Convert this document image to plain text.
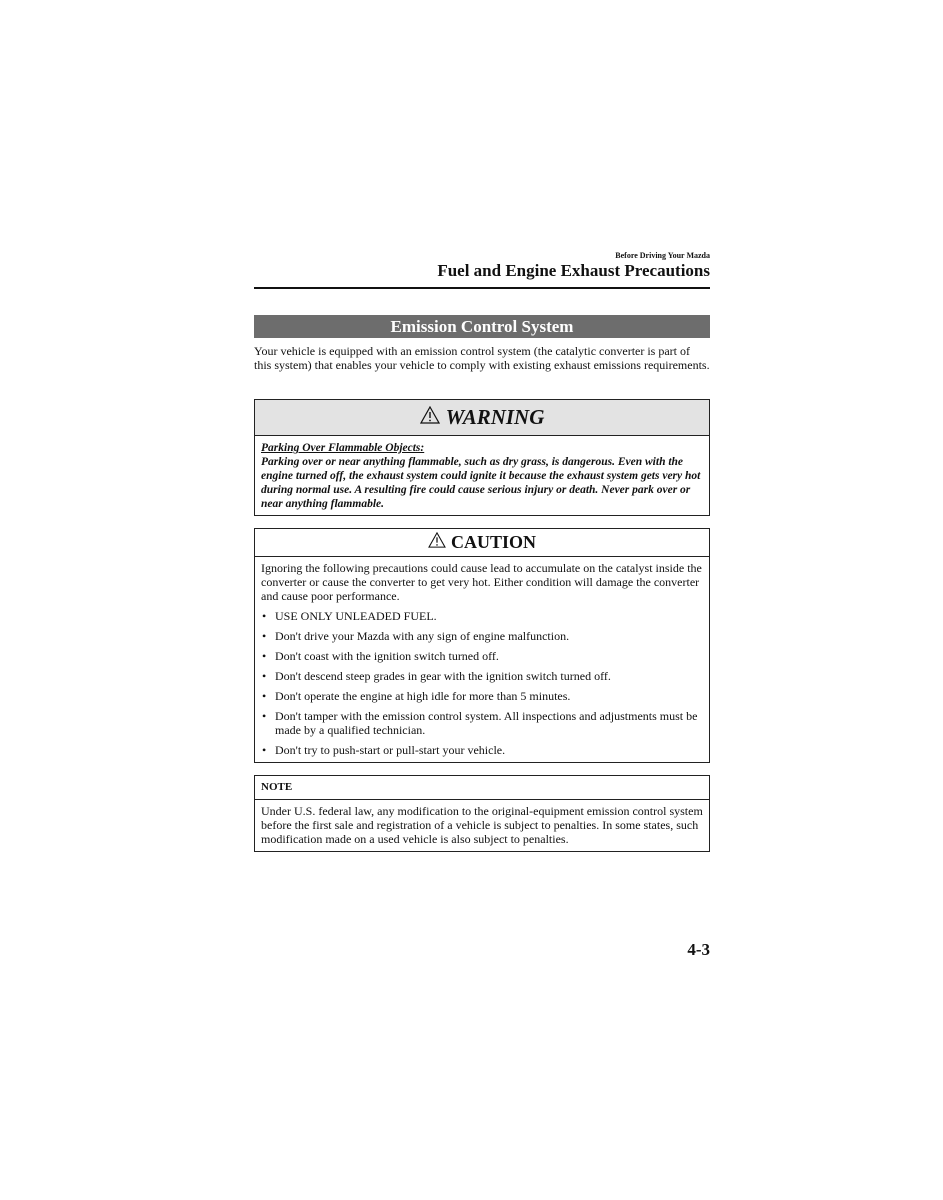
Before Driving Your Mazda
Fuel and Engine Exhaust Precautions
Emission Control System
Your vehicle is equipped with an emission control system (the catalytic converter is part of this system) that enables your vehicle to comply with existing exhaust emissions requirements.
WARNING
Parking Over Flammable Objects:
Parking over or near anything flammable, such as dry grass, is dangerous. Even with the engine turned off, the exhaust system could ignite it because the exhaust system gets very hot during normal use. A resulting fire could cause serious injury or death. Never park over or near anything flammable.
CAUTION
Ignoring the following precautions could cause lead to accumulate on the catalyst inside the converter or cause the converter to get very hot. Either condition will damage the converter and cause poor performance.
• USE ONLY UNLEADED FUEL.
• Don't drive your Mazda with any sign of engine malfunction.
• Don't coast with the ignition switch turned off.
• Don't descend steep grades in gear with the ignition switch turned off.
• Don't operate the engine at high idle for more than 5 minutes.
• Don't tamper with the emission control system. All inspections and adjustments must be made by a qualified technician.
• Don't try to push-start or pull-start your vehicle.
NOTE
Under U.S. federal law, any modification to the original-equipment emission control system before the first sale and registration of a vehicle is subject to penalties. In some states, such modification made on a used vehicle is also subject to penalties.
4-3
